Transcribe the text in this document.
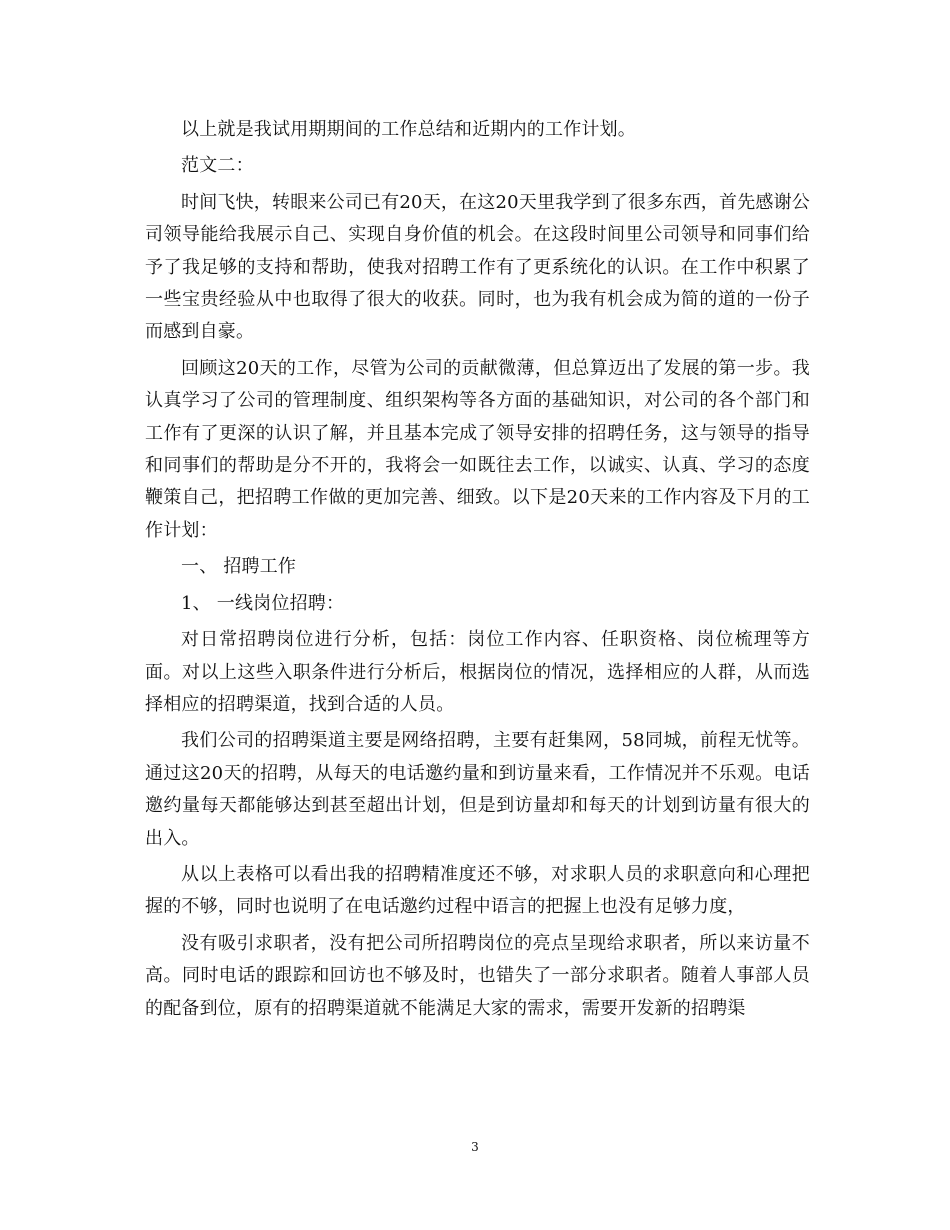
以上就是我试用期期间的工作总结和近期内的工作计划。

范文二：

时间飞快，转眼来公司已有20天，在这20天里我学到了很多东西，首先感谢公司领导能给我展示自己、实现自身价值的机会。在这段时间里公司领导和同事们给予了我足够的支持和帮助，使我对招聘工作有了更系统化的认识。在工作中积累了一些宝贵经验从中也取得了很大的收获。同时，也为我有机会成为简的道的一份子而感到自豪。

回顾这20天的工作，尽管为公司的贡献微薄，但总算迈出了发展的第一步。我认真学习了公司的管理制度、组织架构等各方面的基础知识，对公司的各个部门和工作有了更深的认识了解，并且基本完成了领导安排的招聘任务，这与领导的指导和同事们的帮助是分不开的，我将会一如既往去工作，以诚实、认真、学习的态度鞭策自己，把招聘工作做的更加完善、细致。以下是20天来的工作内容及下月的工作计划：

一、 招聘工作

1、 一线岗位招聘：

对日常招聘岗位进行分析，包括：岗位工作内容、任职资格、岗位梳理等方面。对以上这些入职条件进行分析后，根据岗位的情况，选择相应的人群，从而选择相应的招聘渠道，找到合适的人员。

我们公司的招聘渠道主要是网络招聘，主要有赶集网，58同城，前程无忧等。通过这20天的招聘，从每天的电话邀约量和到访量来看，工作情况并不乐观。电话邀约量每天都能够达到甚至超出计划，但是到访量却和每天的计划到访量有很大的出入。

从以上表格可以看出我的招聘精准度还不够，对求职人员的求职意向和心理把握的不够，同时也说明了在电话邀约过程中语言的把握上也没有足够力度，

没有吸引求职者，没有把公司所招聘岗位的亮点呈现给求职者，所以来访量不高。同时电话的跟踪和回访也不够及时，也错失了一部分求职者。随着人事部人员的配备到位，原有的招聘渠道就不能满足大家的需求，需要开发新的招聘渠

3
